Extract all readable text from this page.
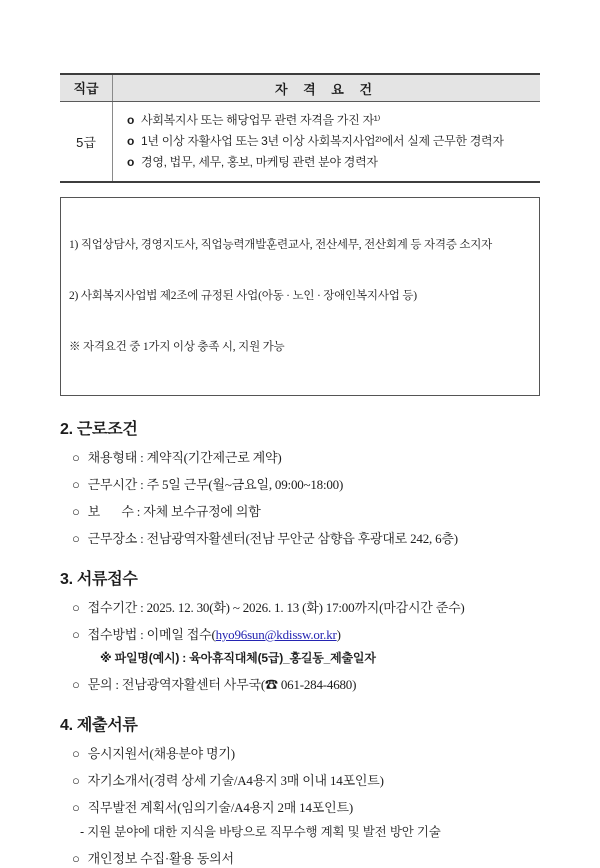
직급	자 격 요 건
5급
o 사회복지사 또는 해당업무 관련 자격을 가진 자¹⁾
o 1년 이상 자활사업 또는 3년 이상 사회복지사업²⁾에서 실제 근무한 경력자
o 경영, 법무, 세무, 홍보, 마케팅 관련 분야 경력자

1) 직업상담사, 경영지도사, 직업능력개발훈련교사, 전산세무, 전산회계 등 자격증 소지자

2) 사회복지사업법 제2조에 규정된 사업(아동 · 노인 · 장애인복지사업 등)

※ 자격요건 중 1가지 이상 충족 시, 지원 가능

2. 근로조건
○ 채용형태 : 계약직(기간제근로 계약)
○ 근무시간 : 주 5일 근무(월~금요일, 09:00~18:00)
○ 보       수 : 자체 보수규정에 의함
○ 근무장소 : 전남광역자활센터(전남 무안군 삼향읍 후광대로 242, 6층)
3. 서류접수
○ 접수기간 : 2025. 12. 30(화) ~ 2026. 1. 13 (화) 17:00까지(마감시간 준수)
○ 접수방법 : 이메일 접수(hyo96sun@kdissw.or.kr)
※ 파일명(예시) : 육아휴직대체(5급)_홍길동_제출일자
○ 문의 : 전남광역자활센터 사무국(☎ 061-284-4680)
4. 제출서류
○ 응시지원서(채용분야 명기)
○ 자기소개서(경력 상세 기술/A4용지 3매 이내 14포인트)
○ 직무발전 계획서(임의기술/A4용지 2매 14포인트)
- 지원 분야에 대한 지식을 바탕으로 직무수행 계획 및 발전 방안 기술
○ 개인정보 수집·활용 동의서
